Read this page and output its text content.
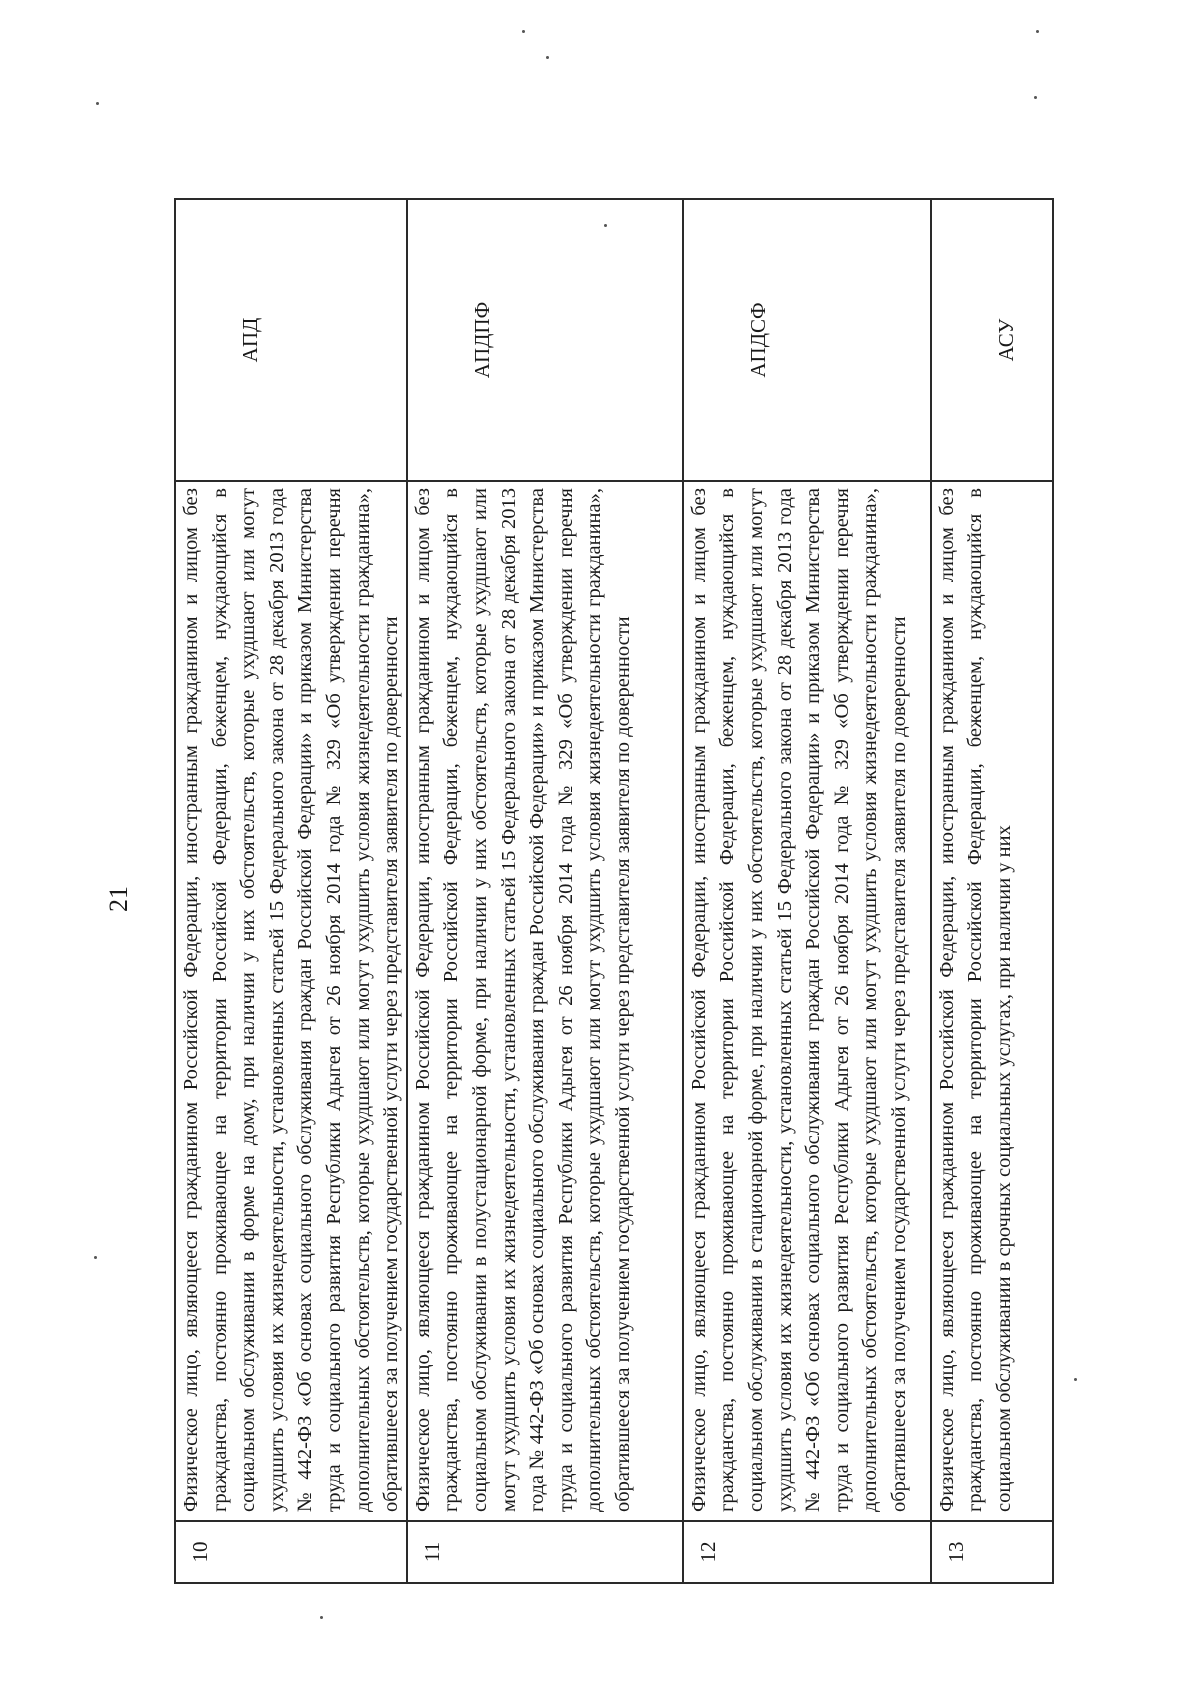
21
10	Физическое лицо, являющееся гражданином Российской Федерации, иностранным гражданином и лицом без гражданства, постоянно проживающее на территории Российской Федерации, беженцем, нуждающийся в социальном обслуживании в форме на дому, при наличии у них обстоятельств, которые ухудшают или могут ухудшить условия их жизнедеятельности, установленных статьей 15 Федерального закона от 28 декабря 2013 года № 442-ФЗ «Об основах социального обслуживания граждан Российской Федерации» и приказом Министерства труда и социального развития Республики Адыгея от 26 ноября 2014 года № 329 «Об утверждении перечня дополнительных обстоятельств, которые ухудшают или могут ухудшить условия жизнедеятельности гражданина», обратившееся за получением государственной услуги через представителя заявителя по доверенности	АПД
11	Физическое лицо, являющееся гражданином Российской Федерации, иностранным гражданином и лицом без гражданства, постоянно проживающее на территории Российской Федерации, беженцем, нуждающийся в социальном обслуживании в полустационарной форме, при наличии у них обстоятельств, которые ухудшают или могут ухудшить условия их жизнедеятельности, установленных статьей 15 Федерального закона от 28 декабря 2013 года № 442-ФЗ «Об основах социального обслуживания граждан Российской Федерации» и приказом Министерства труда и социального развития Республики Адыгея от 26 ноября 2014 года № 329 «Об утверждении перечня дополнительных обстоятельств, которые ухудшают или могут ухудшить условия жизнедеятельности гражданина», обратившееся за получением государственной услуги через представителя заявителя по доверенности	АПДПФ
12	Физическое лицо, являющееся гражданином Российской Федерации, иностранным гражданином и лицом без гражданства, постоянно проживающее на территории Российской Федерации, беженцем, нуждающийся в социальном обслуживании в стационарной форме, при наличии у них обстоятельств, которые ухудшают или могут ухудшить условия их жизнедеятельности, установленных статьей 15 Федерального закона от 28 декабря 2013 года № 442-ФЗ «Об основах социального обслуживания граждан Российской Федерации» и приказом Министерства труда и социального развития Республики Адыгея от 26 ноября 2014 года № 329 «Об утверждении перечня дополнительных обстоятельств, которые ухудшают или могут ухудшить условия жизнедеятельности гражданина», обратившееся за получением государственной услуги через представителя заявителя по доверенности	АПДСФ
13	Физическое лицо, являющееся гражданином Российской Федерации, иностранным гражданином и лицом без гражданства, постоянно проживающее на территории Российской Федерации, беженцем, нуждающийся в социальном обслуживании в срочных социальных услугах, при наличии у них	АСУ
